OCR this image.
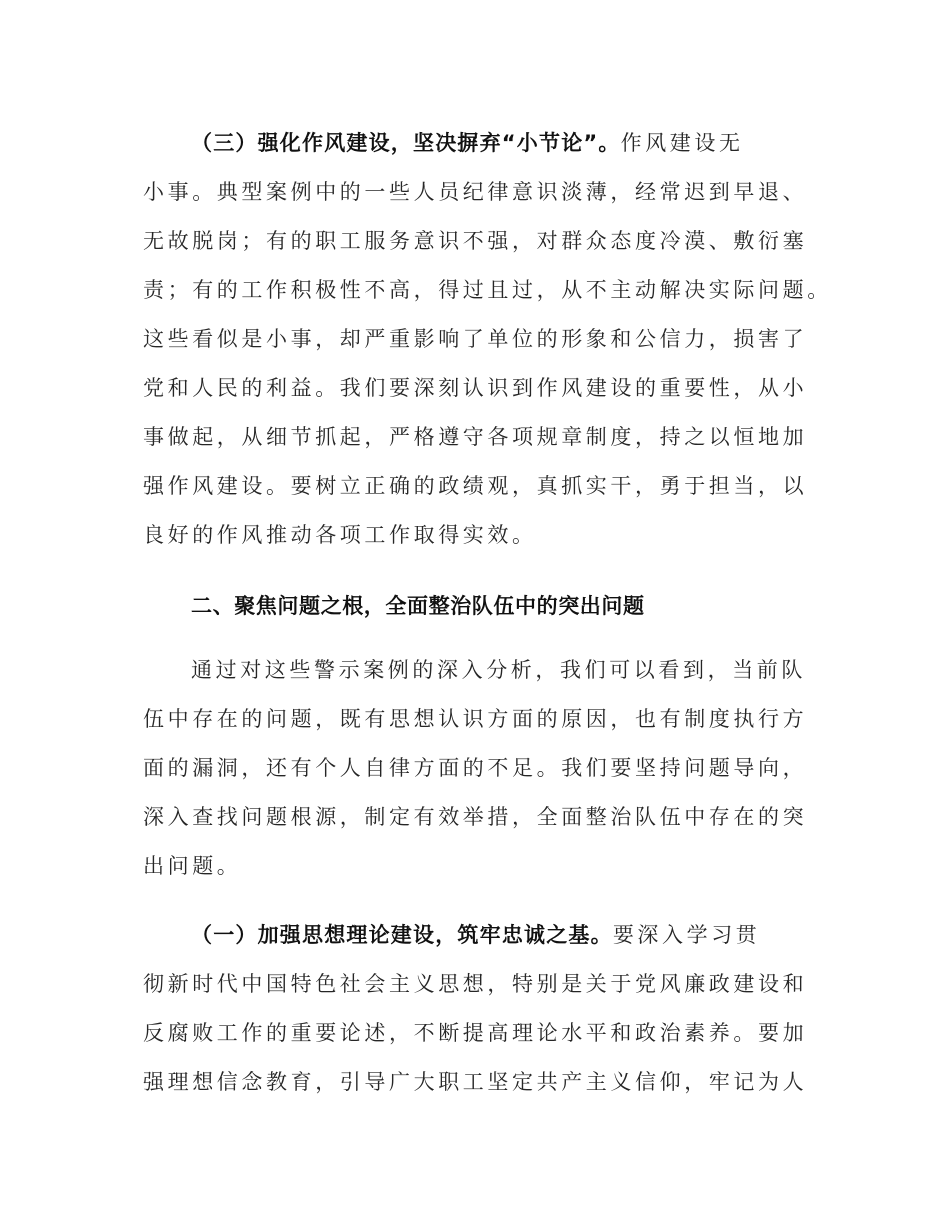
（三）强化作风建设，坚决摒弃“小节论”。作风建设无
小事。典型案例中的一些人员纪律意识淡薄，经常迟到早退、
无故脱岗；有的职工服务意识不强，对群众态度冷漠、敷衍塞
责；有的工作积极性不高，得过且过，从不主动解决实际问题。
这些看似是小事，却严重影响了单位的形象和公信力，损害了
党和人民的利益。我们要深刻认识到作风建设的重要性，从小
事做起，从细节抓起，严格遵守各项规章制度，持之以恒地加
强作风建设。要树立正确的政绩观，真抓实干，勇于担当，以
良好的作风推动各项工作取得实效。
二、聚焦问题之根，全面整治队伍中的突出问题
通过对这些警示案例的深入分析，我们可以看到，当前队
伍中存在的问题，既有思想认识方面的原因，也有制度执行方
面的漏洞，还有个人自律方面的不足。我们要坚持问题导向，
深入查找问题根源，制定有效举措，全面整治队伍中存在的突
出问题。
（一）加强思想理论建设，筑牢忠诚之基。要深入学习贯
彻新时代中国特色社会主义思想，特别是关于党风廉政建设和
反腐败工作的重要论述，不断提高理论水平和政治素养。要加
强理想信念教育，引导广大职工坚定共产主义信仰，牢记为人
